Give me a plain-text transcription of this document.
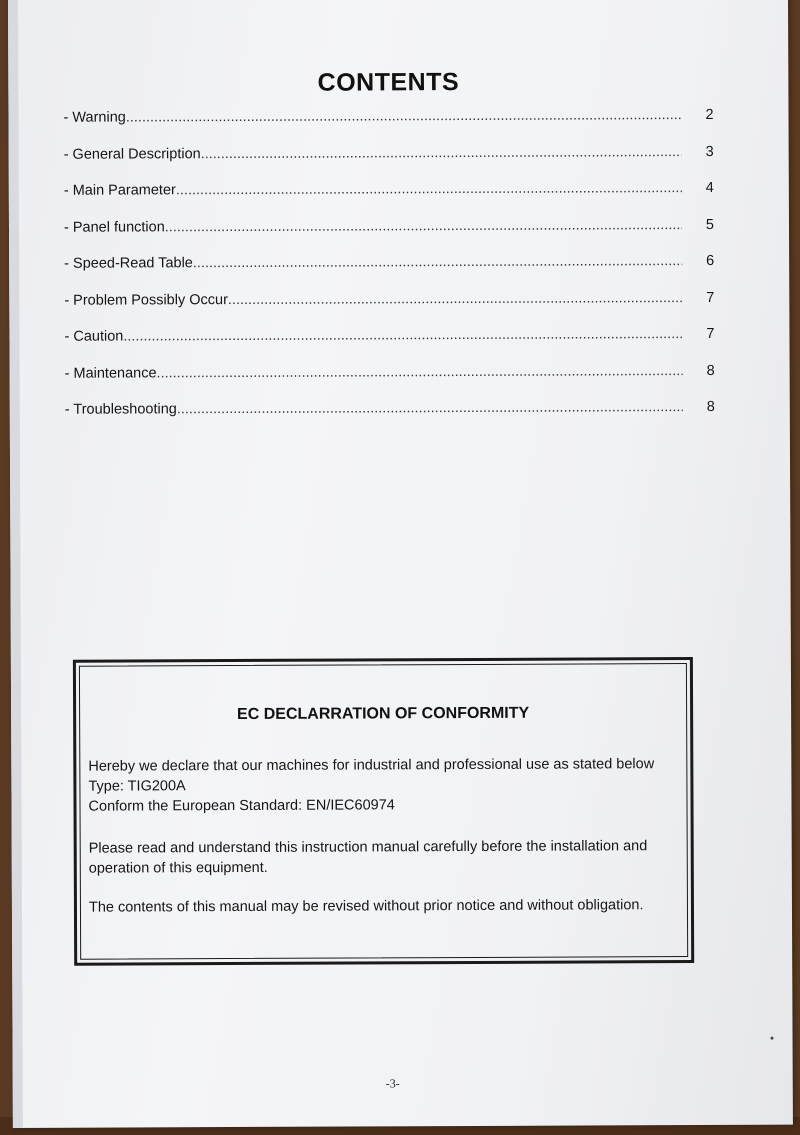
CONTENTS
- Warning .....	2
- General Description .....	3
- Main Parameter .....	4
- Panel function .....	5
- Speed-Read Table .....	6
- Problem Possibly Occur .....	7
- Caution .....	7
- Maintenance .....	8
- Troubleshooting .....	8
EC DECLARRATION OF CONFORMITY
Hereby we declare that our machines for industrial and professional use as stated below
Type: TIG200A
Conform the European Standard: EN/IEC60974
Please read and understand this instruction manual carefully before the installation and
operation of this equipment.
The contents of this manual may be revised without prior notice and without obligation.
-3-
